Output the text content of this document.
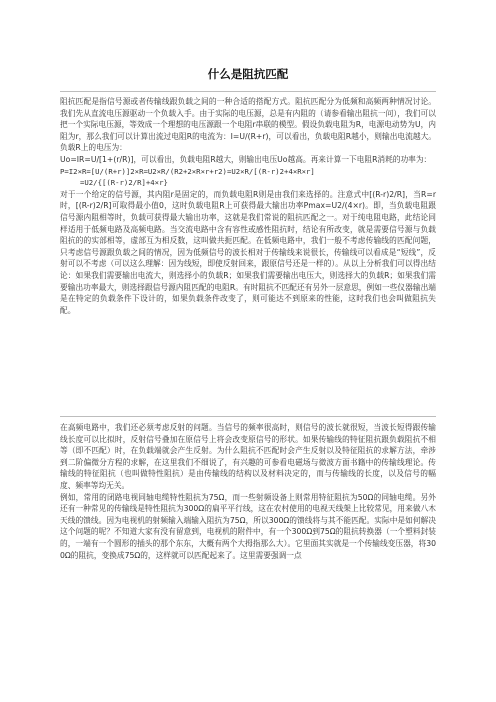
什么是阻抗匹配

阻抗匹配是指信号源或者传输线跟负载之间的一种合适的搭配方式。阻抗匹配分为低频和高频两种情况讨论。我们先从直流电压源驱动一个负载入手。由于实际的电压源，总是有内阻的（请参看输出阻抗一问），我们可以把一个实际电压源，等效成一个理想的电压源跟一个电阻r串联的模型。假设负载电阻为R，电源电动势为U，内阻为r，那么我们可以计算出流过电阻R的电流为：I=U/(R+r)，可以看出，负载电阻R越小，则输出电流越大。负载R上的电压为：

Uo=IR=U/[1+(r/R)]，可以看出，负载电阻R越大，则输出电压Uo越高。再来计算一下电阻R消耗的功率为：

P=I2×R=[U/(R+r)]2×R=U2×R/(R2+2×R×r+r2)=U2×R/[(R-r)2+4×R×r]

=U2/{[(R-r)2/R]+4×r}

对于一个给定的信号源，其内阻r是固定的，而负载电阻R则是由我们来选择的。注意式中[(R-r)2/R]，当R=r时，[(R-r)2/R]可取得最小值0，这时负载电阻R上可获得最大输出功率Pmax=U2/(4×r)。即，当负载电阻跟信号源内阻相等时，负载可获得最大输出功率，这就是我们常说的阻抗匹配之一。对于纯电阻电路，此结论同样适用于低频电路及高频电路。当交流电路中含有容性或感性阻抗时，结论有所改变，就是需要信号源与负载阻抗的的实部相等，虚部互为相反数，这叫做共扼匹配。在低频电路中，我们一般不考虑传输线的匹配问题，只考虑信号源跟负载之间的情况，因为低频信号的波长相对于传输线来说很长，传输线可以看成是“短线”，反射可以不考虑（可以这么理解：因为线短，即使反射回来，跟原信号还是一样的）。从以上分析我们可以得出结论：如果我们需要输出电流大，则选择小的负载R；如果我们需要输出电压大，则选择大的负载R；如果我们需要输出功率最大，则选择跟信号源内阻匹配的电阻R。有时阻抗不匹配还有另外一层意思，例如一些仪器输出端是在特定的负载条件下设计的，如果负载条件改变了，则可能达不到原来的性能，这时我们也会叫做阻抗失配。

在高频电路中，我们还必须考虑反射的问题。当信号的频率很高时，则信号的波长就很短，当波长短得跟传输线长度可以比拟时，反射信号叠加在原信号上将会改变原信号的形状。如果传输线的特征阻抗跟负载阻抗不相等（即不匹配）时，在负载端就会产生反射。为什么阻抗不匹配时会产生反射以及特征阻抗的求解方法，牵涉到二阶偏微分方程的求解，在这里我们不细说了，有兴趣的可参看电磁场与微波方面书籍中的传输线理论。传输线的特征阻抗（也叫做特性阻抗）是由传输线的结构以及材料决定的，而与传输线的长度，以及信号的幅度、频率等均无关。

例如，常用的闭路电视同轴电缆特性阻抗为75Ω，而一些射频设备上则常用特征阻抗为50Ω的同轴电缆。另外还有一种常见的传输线是特性阻抗为300Ω的扁平平行线，这在农村使用的电视天线架上比较常见，用来做八木天线的馈线。因为电视机的射频输入端输入阻抗为75Ω，所以300Ω的馈线将与其不能匹配。实际中是如何解决这个问题的呢？不知道大家有没有留意到，电视机的附件中，有一个300Ω到75Ω的阻抗转换器（一个塑料封装的，一端有一个圆形的插头的那个东东，大概有两个大拇指那么大）。它里面其实就是一个传输线变压器，将300Ω的阻抗，变换成75Ω的，这样就可以匹配起来了。这里需要强调一点
